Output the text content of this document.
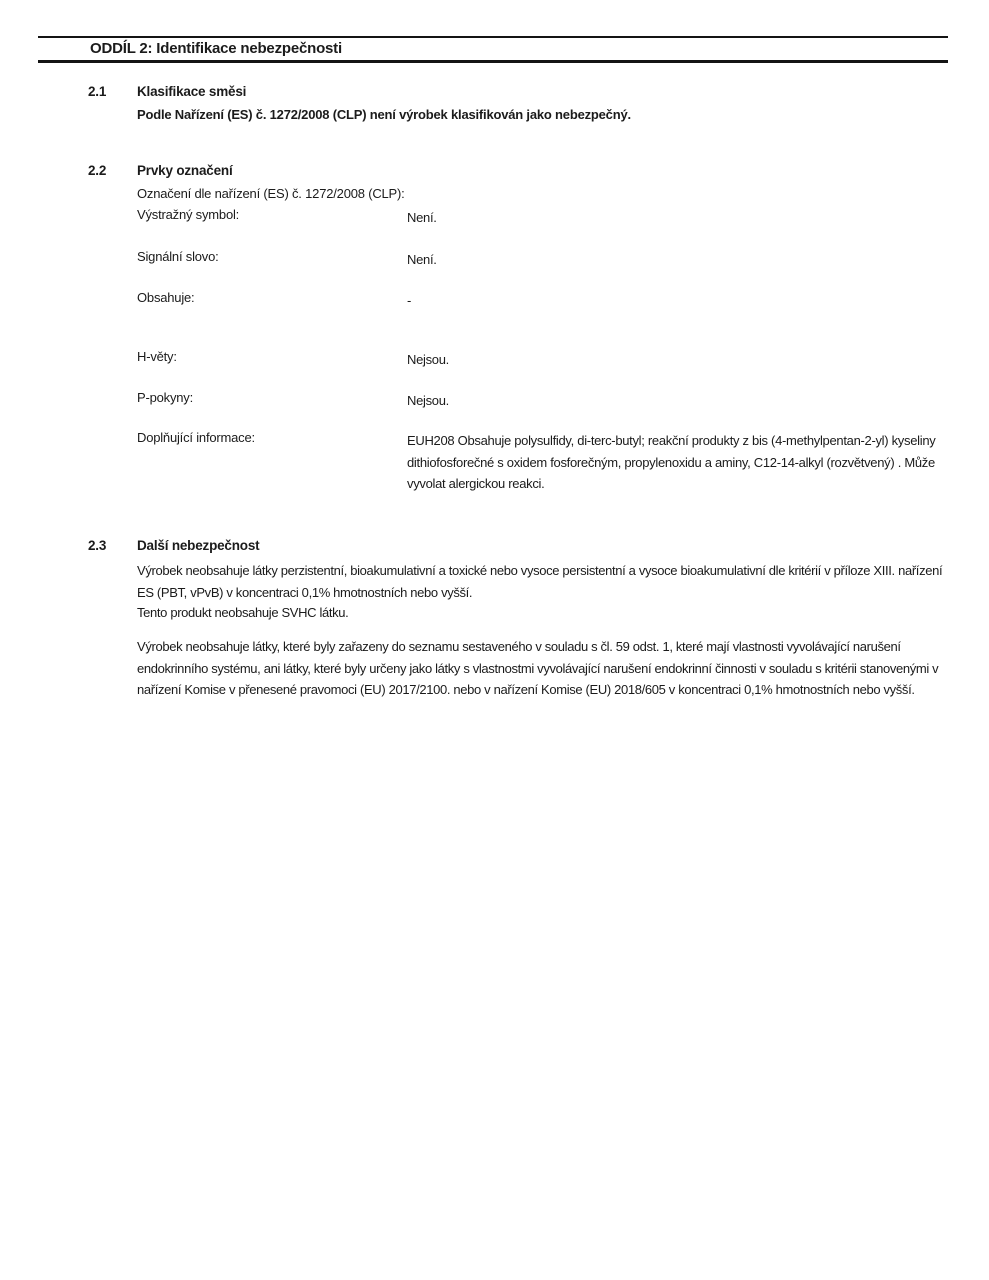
ODDÍL 2: Identifikace nebezpečnosti
2.1 Klasifikace směsi
Podle Nařízení (ES) č. 1272/2008 (CLP) není výrobek klasifikován jako nebezpečný.
2.2 Prvky označení
Označení dle nařízení (ES) č. 1272/2008 (CLP):
Výstražný symbol:	Není.
Signální slovo:	Není.
Obsahuje:	-
H-věty:	Nejsou.
P-pokyny:	Nejsou.
Doplňující informace:	EUH208 Obsahuje polysulfidy, di-terc-butyl; reakční produkty z bis (4-methylpentan-2-yl) kyseliny dithiofosforečné s oxidem fosforečným, propylenoxidu a aminy, C12-14-alkyl (rozvětvený) . Může vyvolat alergickou reakci.
2.3 Další nebezpečnost
Výrobek neobsahuje látky perzistentní, bioakumulativní a toxické nebo vysoce persistentní a vysoce bioakumulativní dle kritérií v příloze XIII. nařízení ES (PBT, vPvB) v koncentraci 0,1% hmotnostních nebo vyšší.
Tento produkt neobsahuje SVHC látku.
Výrobek neobsahuje látky, které byly zařazeny do seznamu sestaveného v souladu s čl. 59 odst. 1, které mají vlastnosti vyvolávající narušení endokrinního systému, ani látky, které byly určeny jako látky s vlastnostmi vyvolávající narušení endokrinní činnosti v souladu s kritérii stanovenými v nařízení Komise v přenesené pravomoci (EU) 2017/2100. nebo v nařízení Komise (EU) 2018/605 v koncentraci 0,1% hmotnostních nebo vyšší.
